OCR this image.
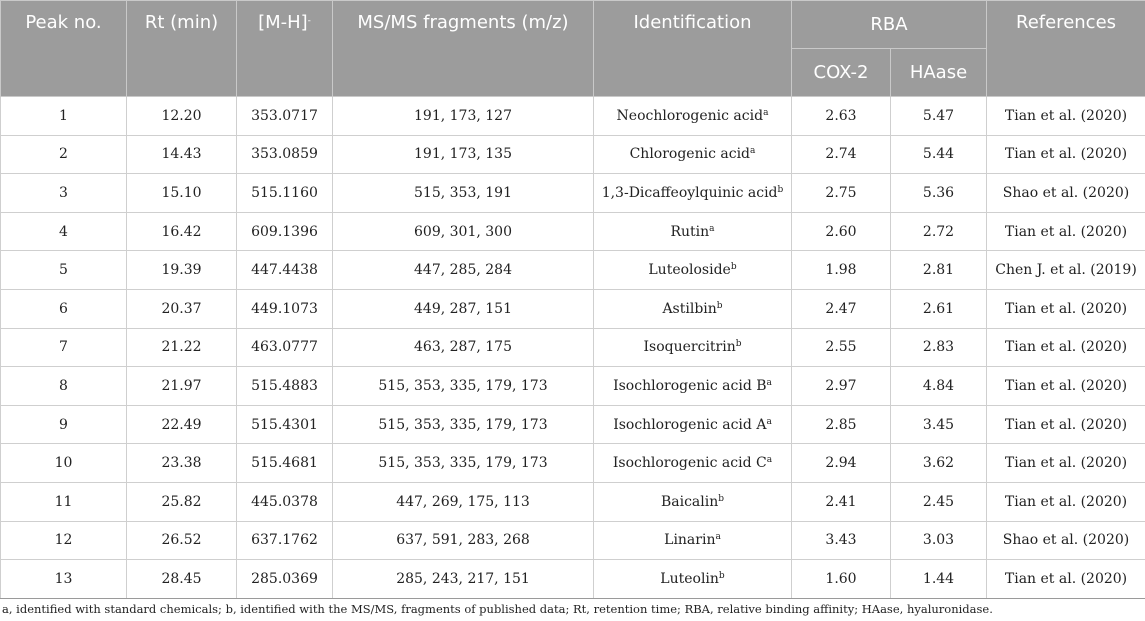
Peak no.	Rt (min)	[M-H]-	MS/MS fragments (m/z)	Identification	RBA		References
					COX-2	HAase	
1	12.20	353.0717	191, 173, 127	Neochlorogenic acid$^a$	2.63	5.47	Tian et al. (2020)
2	14.43	353.0859	191, 173, 135	Chlorogenic acid$^a$	2.74	5.44	Tian et al. (2020)
3	15.10	515.1160	515, 353, 191	1,3-Dicaffeoylquinic acid$^b$	2.75	5.36	Shao et al. (2020)
4	16.42	609.1396	609, 301, 300	Rutin$^a$	2.60	2.72	Tian et al. (2020)
5	19.39	447.4438	447, 285, 284	Luteoloside$^b$	1.98	2.81	Chen J. et al. (2019)
6	20.37	449.1073	449, 287, 151	Astilbin$^b$	2.47	2.61	Tian et al. (2020)
7	21.22	463.0777	463, 287, 175	Isoquercitrin$^b$	2.55	2.83	Tian et al. (2020)
8	21.97	515.4883	515, 353, 335, 179, 173	Isochlorogenic acid $B^a$	2.97	4.84	Tian et al. (2020)
9	22.49	515.4301	515, 353, 335, 179, 173	Isochlorogenic acid $A^a$	2.85	3.45	Tian et al. (2020)
10	23.38	515.4681	515, 353, 335, 179, 173	Isochlorogenic acid $C^a$	2.94	3.62	Tian et al. (2020)
11	25.82	445.0378	447, 269, 175, 113	Baicalin$^b$	2.41	2.45	Tian et al. (2020)
12	26.52	637.1762	637, 591, 283, 268	Linarin$^a$	3.43	3.03	Shao et al. (2020)
13	28.45	285.0369	285, 243, 217, 151	Luteolin$^b$	1.60	1.44	Tian et al. (2020)
a, identified with standard chemicals; b, identified with the MS/MS, fragments of published data; Rt, retention time; RBA, relative binding affinity; HAase, hyaluronidase.
